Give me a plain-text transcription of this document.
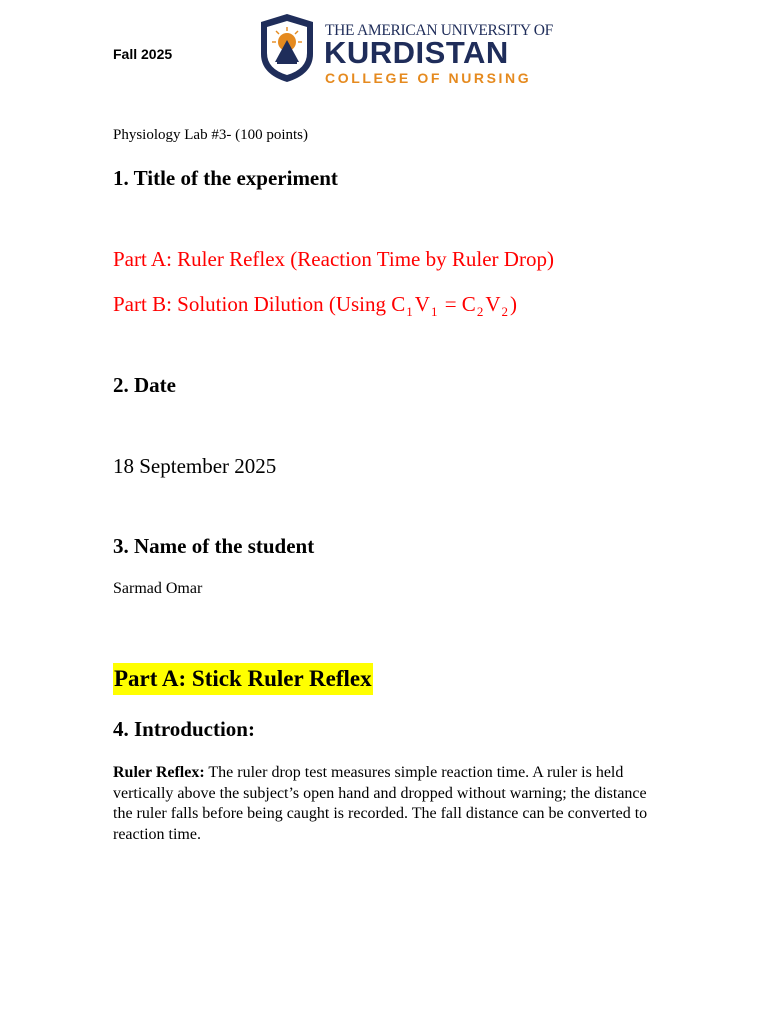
Fall 2025
THE AMERICAN UNIVERSITY OF
KURDISTAN
COLLEGE OF NURSING
Physiology Lab #3- (100 points)
1. Title of the experiment
Part A: Ruler Reflex (Reaction Time by Ruler Drop)
Part B: Solution Dilution (Using $C_1V_1 = C_2V_2$)
2. Date
18 September 2025
3. Name of the student
Sarmad Omar
Part A: Stick Ruler Reflex
4. Introduction:
Ruler Reflex: The ruler drop test measures simple reaction time. A ruler is held vertically above the subject’s open hand and dropped without warning; the distance the ruler falls before being caught is recorded. The fall distance can be converted to reaction time.
